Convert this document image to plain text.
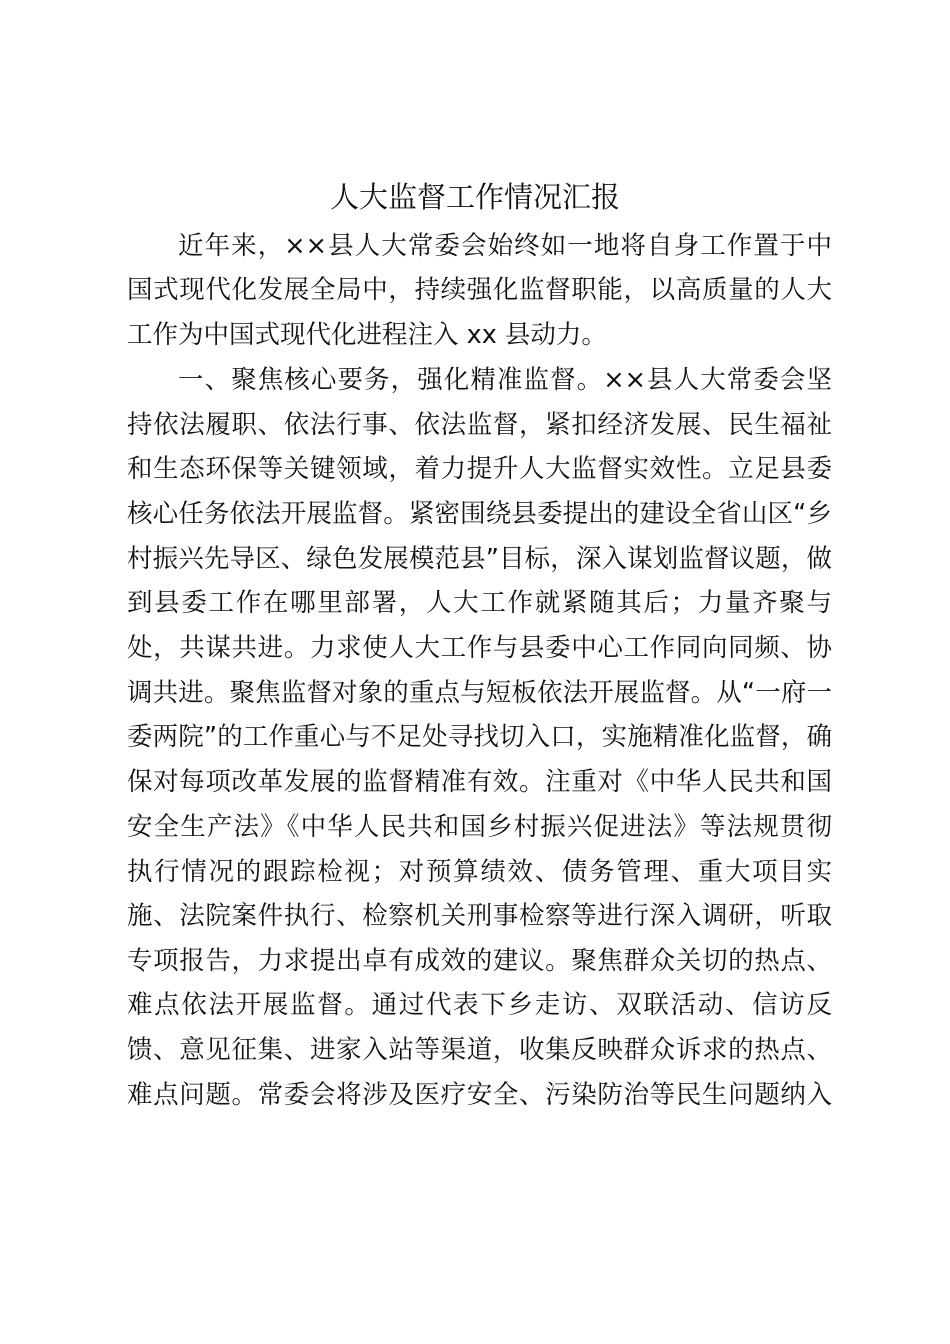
人大监督工作情况汇报
近年来，××县人大常委会始终如一地将自身工作置于中
国式现代化发展全局中，持续强化监督职能，以高质量的人大
工作为中国式现代化进程注入 xx 县动力。
一、聚焦核心要务，强化精准监督。××县人大常委会坚
持依法履职、依法行事、依法监督，紧扣经济发展、民生福祉
和生态环保等关键领域，着力提升人大监督实效性。立足县委
核心任务依法开展监督。紧密围绕县委提出的建设全省山区“乡
村振兴先导区、绿色发展模范县”目标，深入谋划监督议题，做
到县委工作在哪里部署，人大工作就紧随其后；力量齐聚与
处，共谋共进。力求使人大工作与县委中心工作同向同频、协
调共进。聚焦监督对象的重点与短板依法开展监督。从“一府一
委两院”的工作重心与不足处寻找切入口，实施精准化监督，确
保对每项改革发展的监督精准有效。注重对《中华人民共和国
安全生产法》《中华人民共和国乡村振兴促进法》等法规贯彻
执行情况的跟踪检视；对预算绩效、债务管理、重大项目实
施、法院案件执行、检察机关刑事检察等进行深入调研，听取
专项报告，力求提出卓有成效的建议。聚焦群众关切的热点、
难点依法开展监督。通过代表下乡走访、双联活动、信访反
馈、意见征集、进家入站等渠道，收集反映群众诉求的热点、
难点问题。常委会将涉及医疗安全、污染防治等民生问题纳入
